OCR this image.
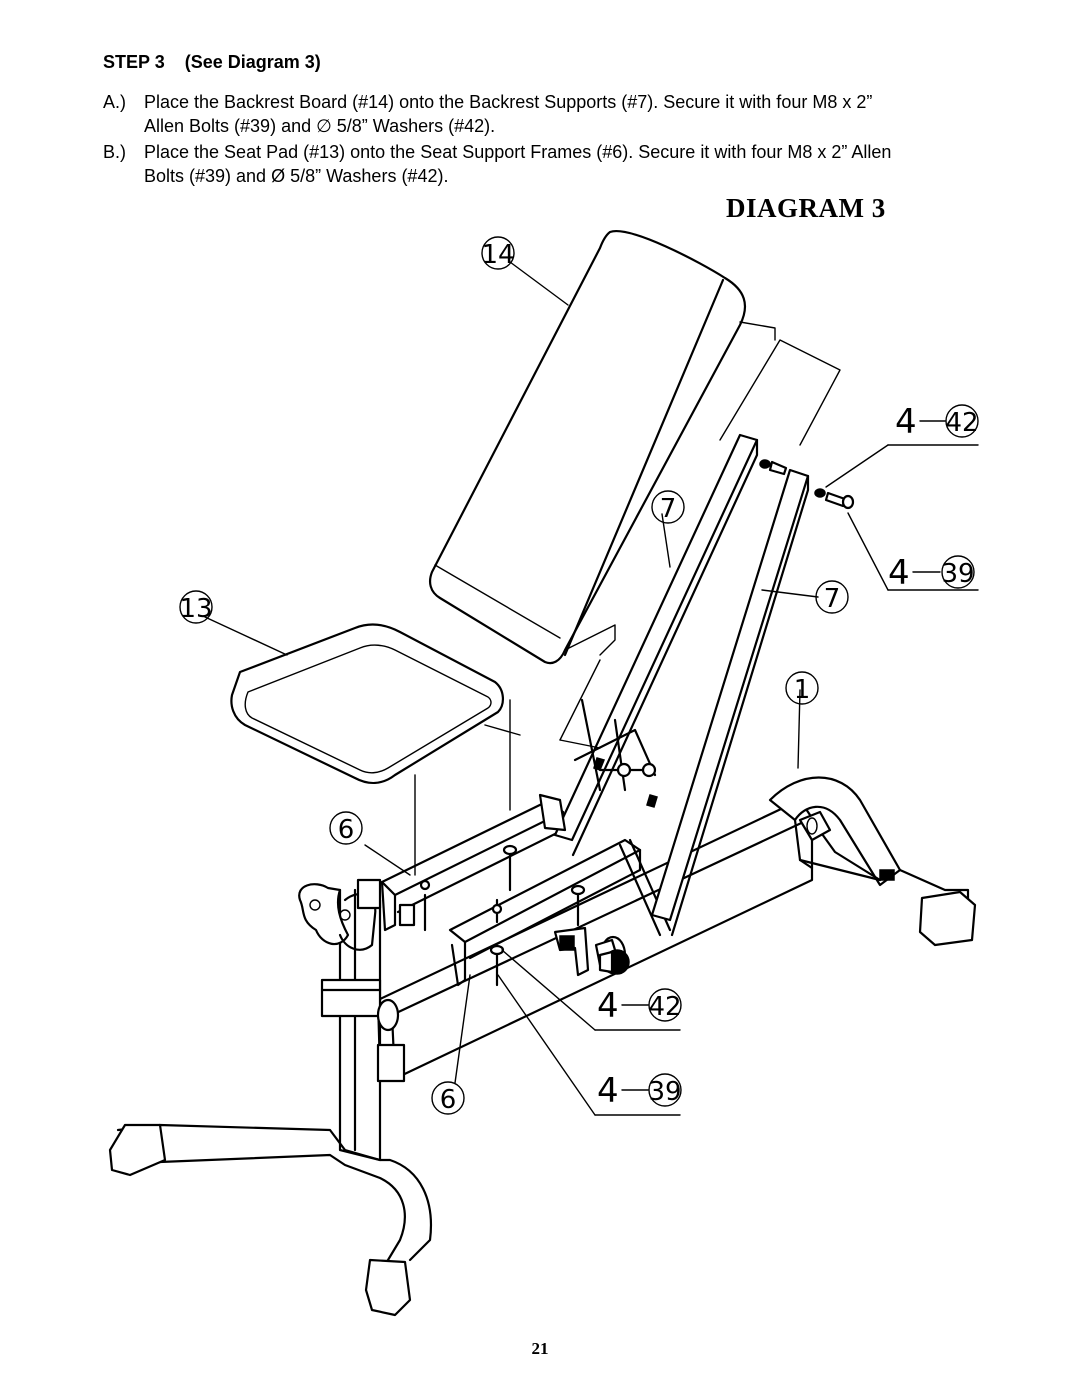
STEP 3    (See Diagram 3)
A.) Place the Backrest Board (#14) onto the Backrest Supports (#7). Secure it with four M8 x 2” Allen Bolts (#39) and ∅ 5/8” Washers (#42).
B.) Place the Seat Pad (#13) onto the Seat Support Frames (#6). Secure it with four M8 x 2” Allen Bolts (#39) and Ø 5/8” Washers (#42).
DIAGRAM 3
14
7
7
13
1
6
6
4 42
4 39
4 42
4 39
21
